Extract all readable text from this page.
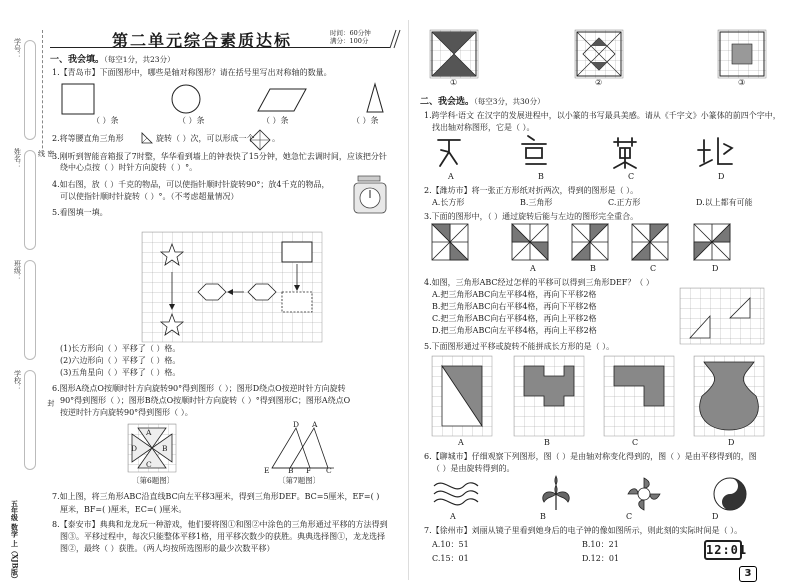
学号：
姓名：
班级：
学校：
五年级 数学 上（XJB版）
密 封 线
第二单元综合素质达标	时间：60分钟
满分：100分
一、我会填。（每空1分，共23分）
1.【青岛市】下面图形中，哪些是轴对称图形？请在括号里写出对称轴的数量。
（ ）条	（ ）条	（ ）条	（ ）条
2.将等腰直角三角形	旋转（ ）次，可以形成一个 。
3.刚听到智能音箱报了7时整，华华看到墙上的钟表快了15分钟，她急忙去调时间，应该把分针
绕中心点按（ ）时针方向旋转（ ）°。
4.如右图，放（ ）千克的物品，可以使指针顺时针旋转90°；放4千克的物品，
可以使指针顺时针旋转（ ）°。（不考虑超量情况）
5.看图填一填。
(1)长方形向（ ）平移了（ ）格。
(2)六边形向（ ）平移了（ ）格。
(3)五角星向（ ）平移了（ ）格。
6.图形A绕点O按顺时针方向旋转90°得到图形（ ）；图形D绕点O按逆时针方向旋转
90°得到图形（ ）；图形B绕点O按顺时针方向旋转（ ）°得到图形C；图形A绕点O
按逆时针方向旋转90°得到图形（ ）。
A
B
C
D
〔第6题图〕
D A
E B F C
〔第7题图〕
7.如上图，将三角形ABC沿直线BC向左平移3厘米，得到三角形DEF。BC=5厘米，EF=( )
厘米，BF=( )厘米，EC=( )厘米。
8.【泰安市】典典和龙龙玩一种游戏，他们要将图①和图②中涂色的三角形通过平移的方法得到
图③。平移过程中，每次只能整体平移1格，用平移次数少的获胜。典典选择图①，龙龙选择
图②，最终（ ）获胜。（两人均按所选图形的最少次数平移）
①	②	③
二、我会选。（每空3分，共30分）
1.跨学科·语文 在汉字的发展进程中，以小篆的书写最具美感。请从《千字文》小篆体的前四个字中，
找出轴对称图形，它是（ ）。
A	B	C	D
2.【潍坊市】将一张正方形纸对折两次，得到的图形是（ ）。
A.长方形	B.三角形	C.正方形	D.以上都有可能
3.下面的图形中，（ ）通过旋转后能与左边的图形完全重合。
A	B	C	D
4.如图，三角形ABC经过怎样的平移可以得到三角形DEF？（ ）
A.把三角形ABC向左平移4格，再向下平移2格
B.把三角形ABC向右平移4格，再向下平移2格
C.把三角形ABC向右平移4格，再向上平移2格
D.把三角形ABC向左平移4格，再向上平移2格
5.下面图形通过平移或旋转不能拼成长方形的是（ ）。
A	B	C	D
6.【聊城市】仔细观察下列图形，图（ ）是由轴对称变化得到的，图（ ）是由平移得到的，图
（ ）是由旋转得到的。
A	B	C	D
7.【徐州市】刘丽从镜子里看到她身后的电子钟的像如图所示，则此刻的实际时间是（ ）。
A.10：51	B.10：21
C.15：01	D.12：01
12:01
3
